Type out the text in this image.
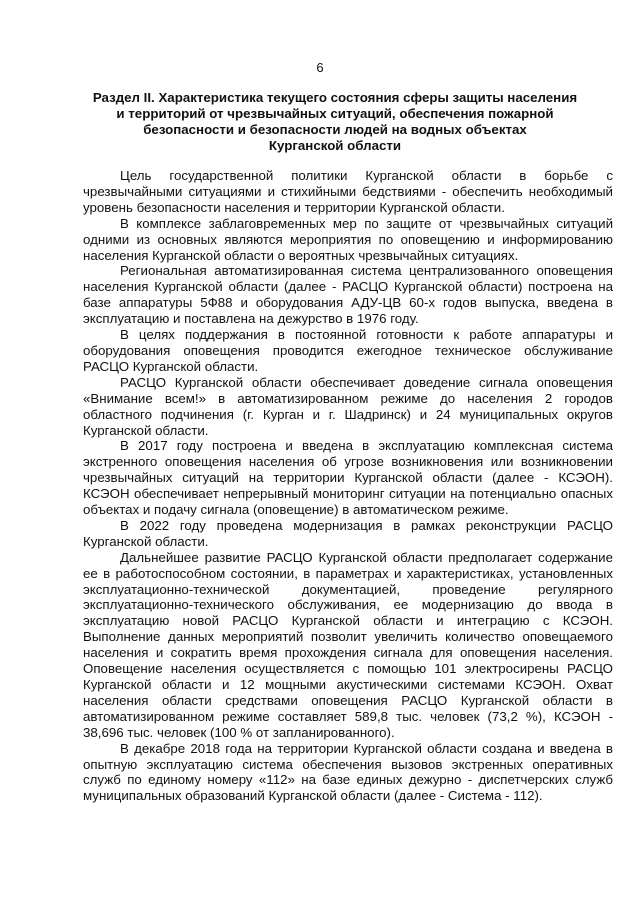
6
Раздел II. Характеристика текущего состояния сферы защиты населения
и территорий от чрезвычайных ситуаций, обеспечения пожарной
безопасности и безопасности людей на водных объектах
Курганской области

Цель государственной политики Курганской области в борьбе с чрезвычайными ситуациями и стихийными бедствиями - обеспечить необходимый уровень безопасности населения и территории Курганской области.

В комплексе заблаговременных мер по защите от чрезвычайных ситуаций одними из основных являются мероприятия по оповещению и информированию населения Курганской области о вероятных чрезвычайных ситуациях.

Региональная автоматизированная система централизованного оповещения населения Курганской области (далее - РАСЦО Курганской области) построена на базе аппаратуры 5Ф88 и оборудования АДУ-ЦВ 60-х годов выпуска, введена в эксплуатацию и поставлена на дежурство в 1976 году.

В целях поддержания в постоянной готовности к работе аппаратуры и оборудования оповещения проводится ежегодное техническое обслуживание РАСЦО Курганской области.

РАСЦО Курганской области обеспечивает доведение сигнала оповещения «Внимание всем!» в автоматизированном режиме до населения 2 городов областного подчинения (г. Курган и г. Шадринск) и 24 муниципальных округов Курганской области.

В 2017 году построена и введена в эксплуатацию комплексная система экстренного оповещения населения об угрозе возникновения или возникновении чрезвычайных ситуаций на территории Курганской области (далее - КСЭОН). КСЭОН обеспечивает непрерывный мониторинг ситуации на потенциально опасных объектах и подачу сигнала (оповещение) в автоматическом режиме.

В 2022 году проведена модернизация в рамках реконструкции РАСЦО Курганской области.

Дальнейшее развитие РАСЦО Курганской области предполагает содержание ее в работоспособном состоянии, в параметрах и характеристиках, установленных эксплуатационно-технической документацией, проведение регулярного эксплуатационно-технического обслуживания, ее модернизацию до ввода в эксплуатацию новой РАСЦО Курганской области и интеграцию с КСЭОН. Выполнение данных мероприятий позволит увеличить количество оповещаемого населения и сократить время прохождения сигнала для оповещения населения. Оповещение населения осуществляется с помощью 101 электросирены РАСЦО Курганской области и 12 мощными акустическими системами КСЭОН. Охват населения области средствами оповещения РАСЦО Курганской области в автоматизированном режиме составляет 589,8 тыс. человек (73,2 %), КСЭОН - 38,696 тыс. человек (100 % от запланированного).

В декабре 2018 года на территории Курганской области создана и введена в опытную эксплуатацию система обеспечения вызовов экстренных оперативных служб по единому номеру «112» на базе единых дежурно - диспетчерских служб муниципальных образований Курганской области (далее - Система - 112).
